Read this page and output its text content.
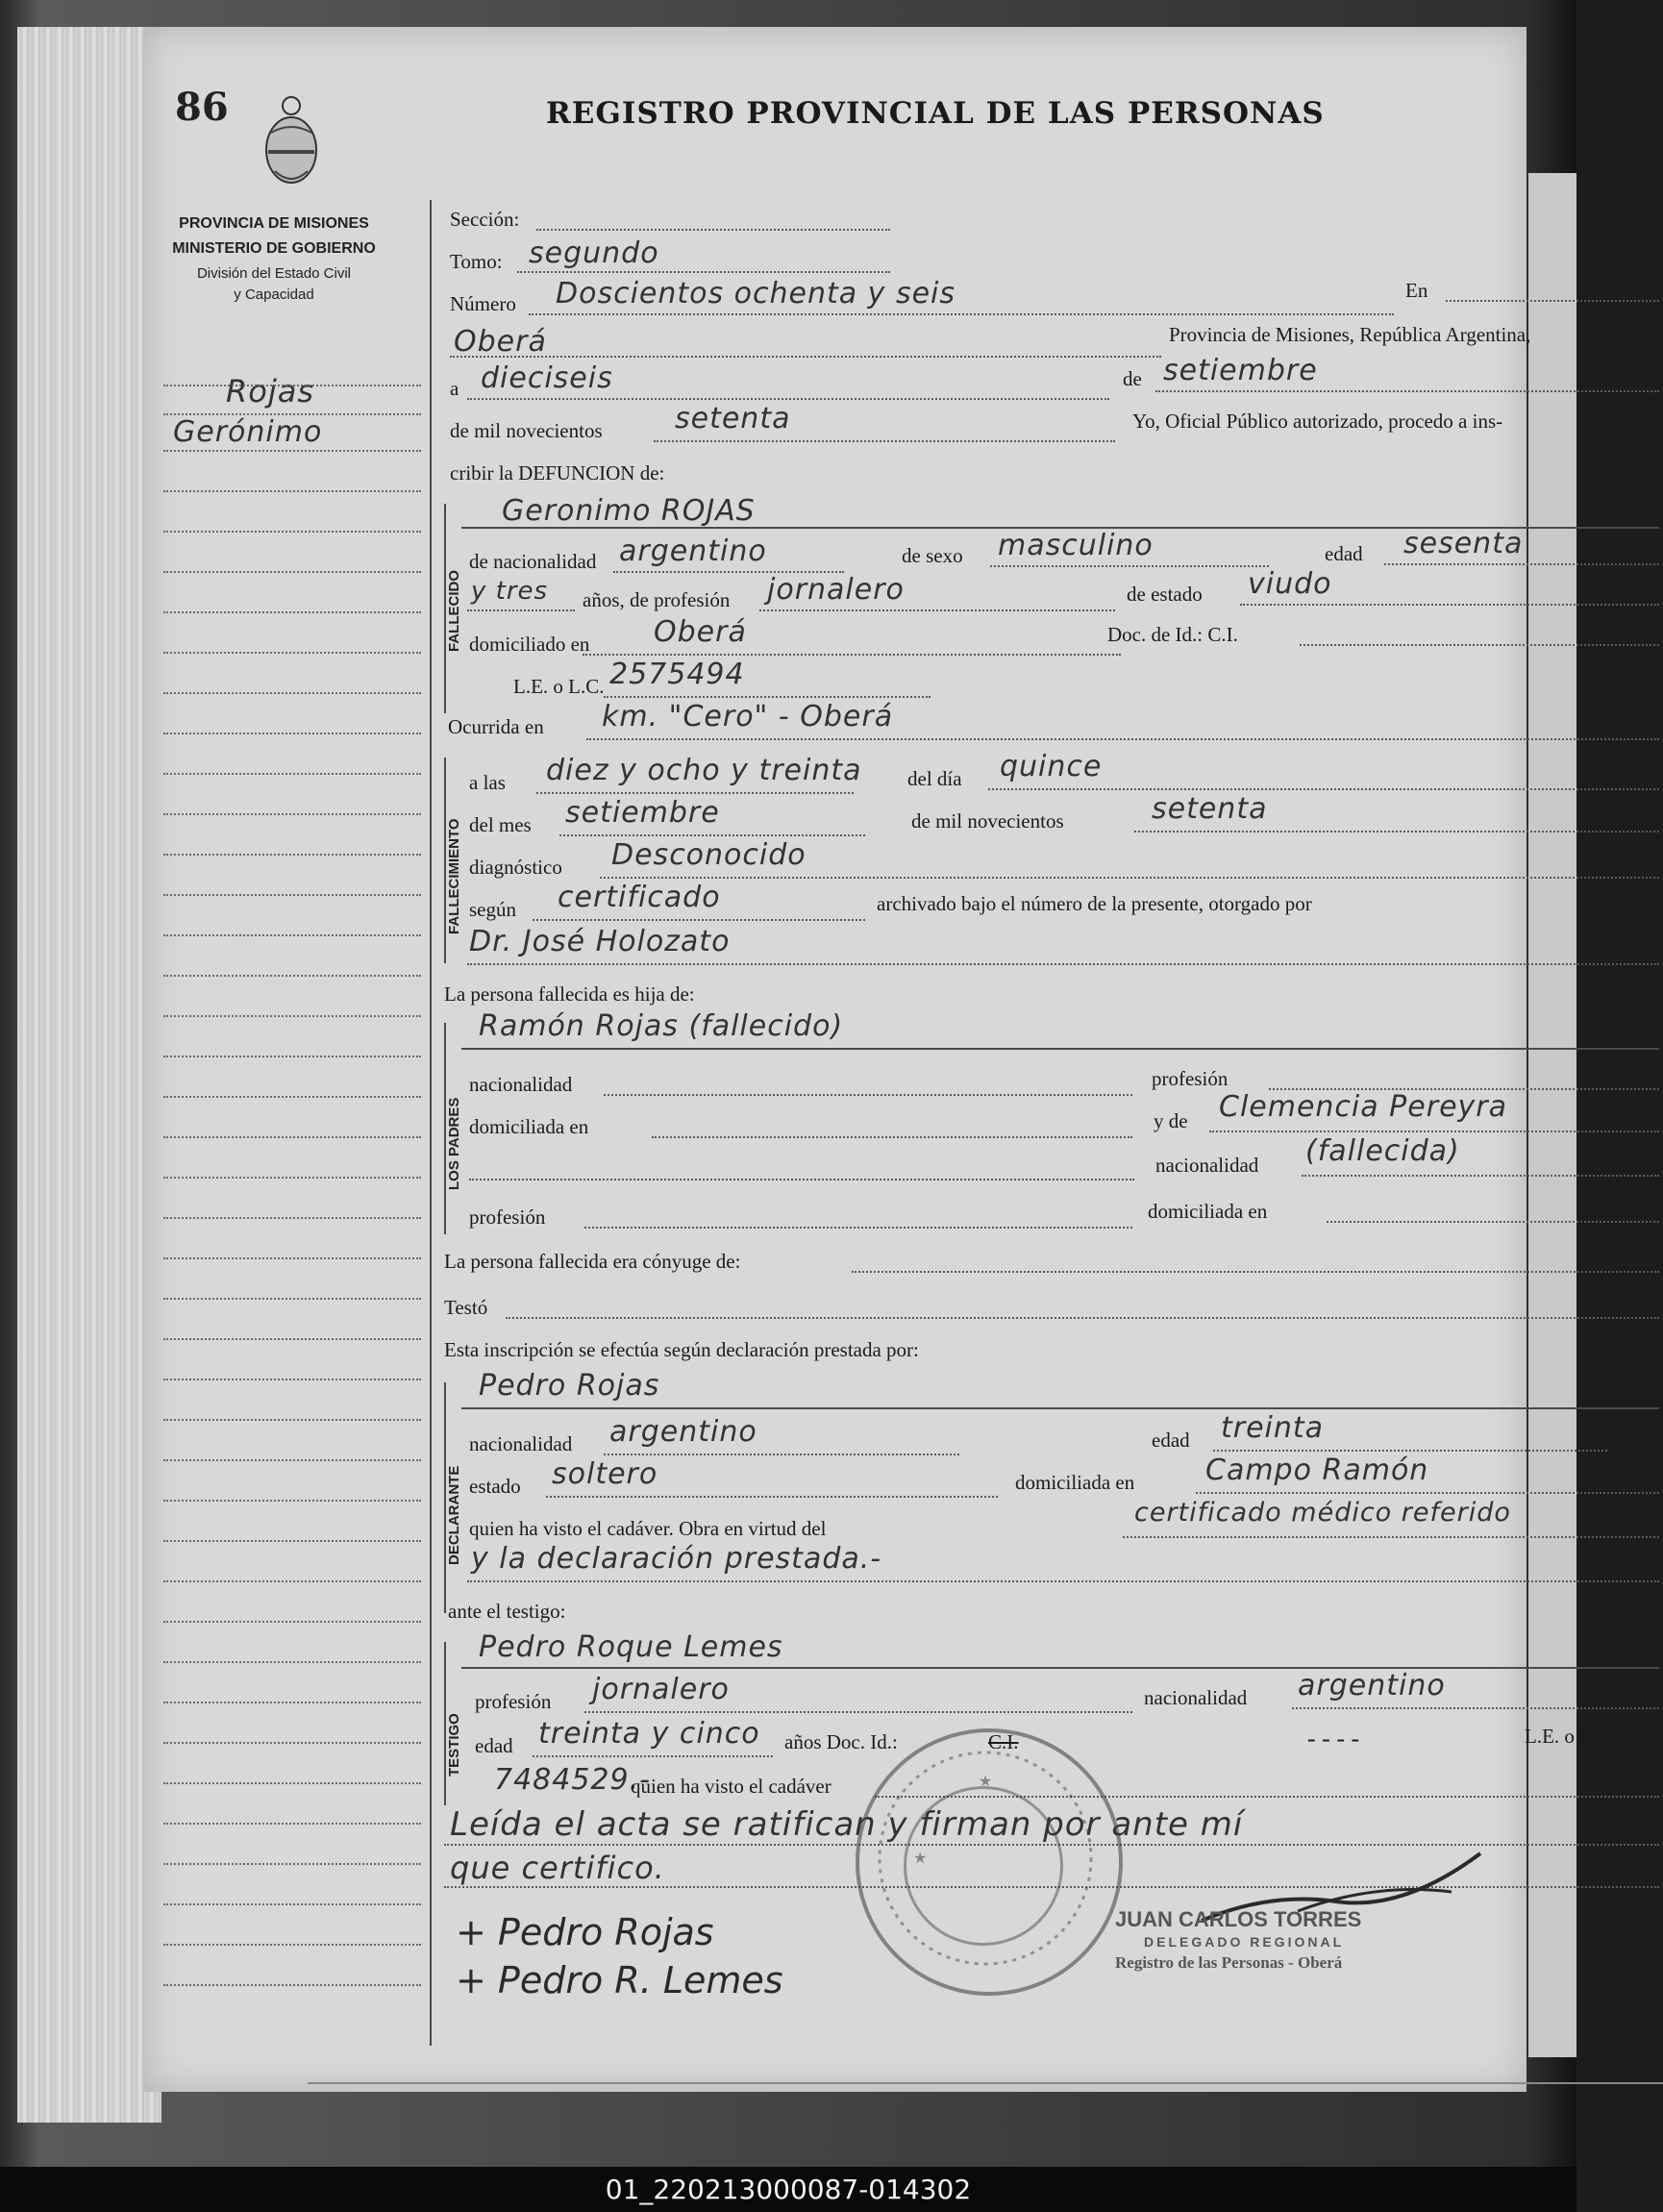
86	REGISTRO PROVINCIAL DE LAS PERSONAS
PROVINCIA DE MISIONES
MINISTERIO DE GOBIERNO
División del Estado Civil
y Capacidad
Rojas
Gerónimo
Sección:
Tomo: segundo
Número Doscientos ochenta y seis	En
Oberá	Provincia de Misiones, República Argentina,
a dieciseis	de setiembre
de mil novecientos	setenta	Yo, Oficial Público autorizado, procedo a ins-
cribir la DEFUNCION de:
FALLECIDO
Geronimo ROJAS
de nacionalidad argentino	de sexo masculino	edad sesenta
y tres años, de profesión jornalero	de estado viudo
domiciliado en Oberá	Doc. de Id.: C.I.
L.E. o L.C. 2575494
Ocurrida en km. "Cero" - Oberá
FALLECIMIENTO
a las diez y ocho y treinta del día quince
del mes setiembre	de mil novecientos	setenta
diagnóstico Desconocido
según certificado	archivado bajo el número de la presente, otorgado por
Dr. José Holozato
La persona fallecida es hija de:
LOS PADRES
Ramón Rojas (fallecido)
nacionalidad	profesión
domiciliada en	y de Clemencia Pereyra
nacionalidad (fallecida)
profesión	domiciliada en
La persona fallecida era cónyuge de:
Testó
Esta inscripción se efectúa según declaración prestada por:
DECLARANTE
Pedro Rojas
nacionalidad argentino	edad treinta	años
estado soltero	domiciliada en Campo Ramón
quien ha visto el cadáver. Obra en virtud del
certificado médico referido
y la declaración prestada.-
ante el testigo:
TESTIGO
Pedro Roque Lemes
profesión jornalero	nacionalidad argentino
edad treinta y cinco años Doc. Id.:	C.I.	- - - -	L.E. o L.C.
7484529.-
quien ha visto el cadáver
Leída el acta se ratifican y firman por ante mí
que certifico.
★
★
+ Pedro Rojas
+ Pedro R. Lemes
JUAN CARLOS TORRES
DELEGADO REGIONAL
Registro de las Personas - Oberá
01_220213000087-014302
